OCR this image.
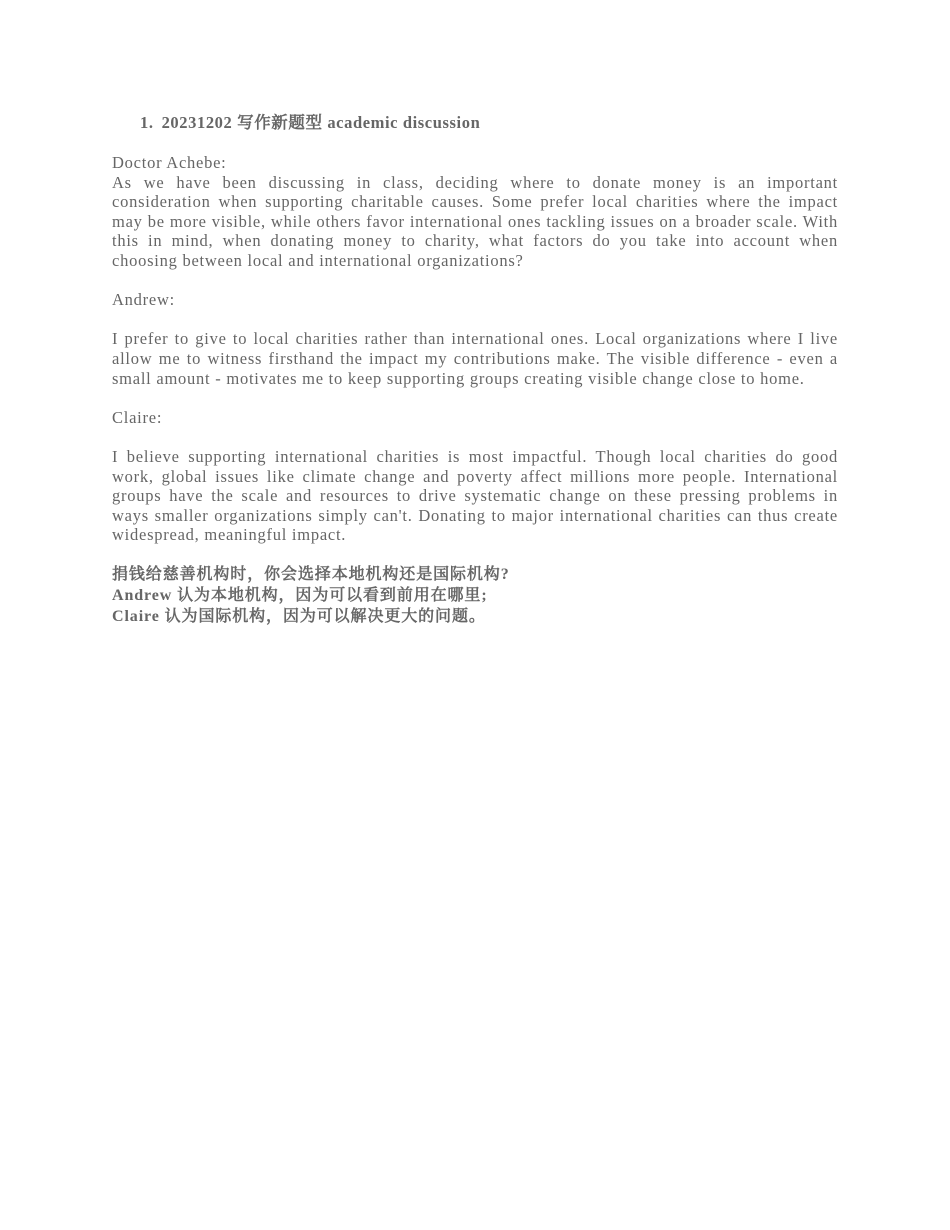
1. 20231202 写作新题型 academic discussion

Doctor Achebe:

As we have been discussing in class, deciding where to donate money is an important consideration when supporting charitable causes. Some prefer local charities where the impact may be more visible, while others favor international ones tackling issues on a broader scale. With this in mind, when donating money to charity, what factors do you take into account when choosing between local and international organizations?

Andrew:

I prefer to give to local charities rather than international ones. Local organizations where I live allow me to witness firsthand the impact my contributions make. The visible difference - even a small amount - motivates me to keep supporting groups creating visible change close to home.

Claire:

I believe supporting international charities is most impactful. Though local charities do good work, global issues like climate change and poverty affect millions more people. International groups have the scale and resources to drive systematic change on these pressing problems in ways smaller organizations simply can't. Donating to major international charities can thus create widespread, meaningful impact.

捐钱给慈善机构时，你会选择本地机构还是国际机构?

Andrew 认为本地机构，因为可以看到前用在哪里;

Claire 认为国际机构，因为可以解决更大的问题。
